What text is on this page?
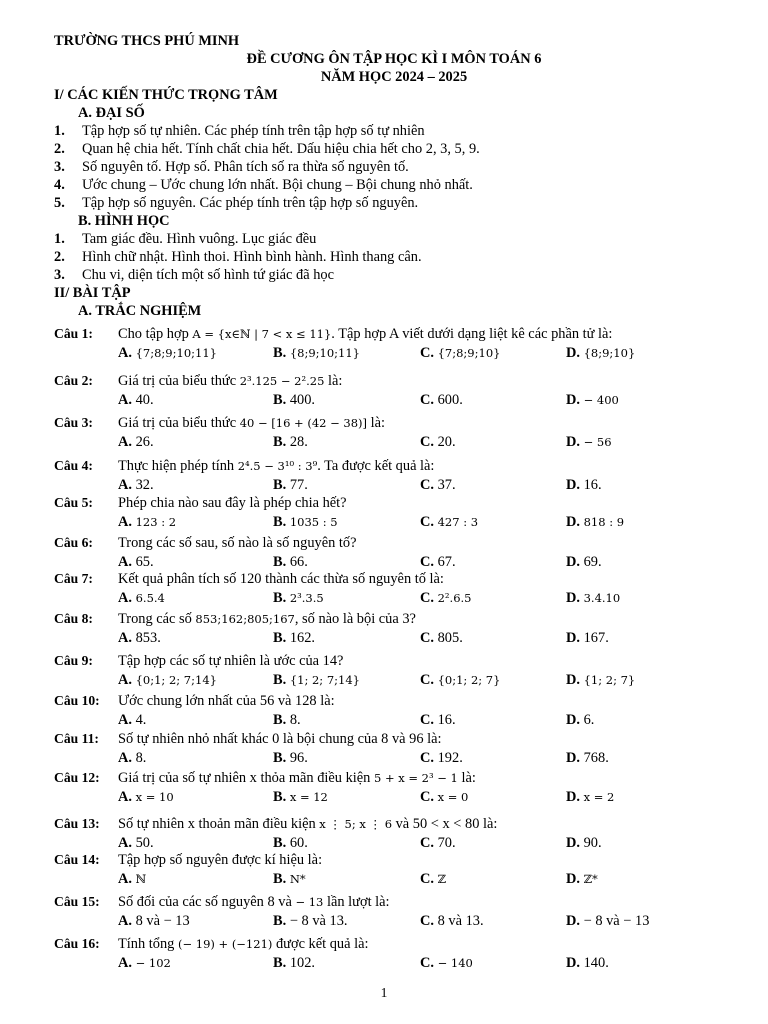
TRƯỜNG THCS PHÚ MINH
ĐỀ CƯƠNG ÔN TẬP HỌC KÌ I MÔN TOÁN 6
NĂM HỌC 2024 – 2025
I/ CÁC KIẾN THỨC TRỌNG TÂM
A. ĐẠI SỐ
1. Tập hợp số tự nhiên. Các phép tính trên tập hợp số tự nhiên
2. Quan hệ chia hết. Tính chất chia hết. Dấu hiệu chia hết cho 2, 3, 5, 9.
3. Số nguyên tố. Hợp số. Phân tích số ra thừa số nguyên tố.
4. Ước chung – Ước chung lớn nhất. Bội chung – Bội chung nhỏ nhất.
5. Tập hợp số nguyên. Các phép tính trên tập hợp số nguyên.
B. HÌNH HỌC
1. Tam giác đều. Hình vuông. Lục giác đều
2. Hình chữ nhật. Hình thoi. Hình bình hành. Hình thang cân.
3. Chu vi, diện tích một số hình tứ giác đã học
II/ BÀI TẬP
A. TRẮC NGHIỆM
Câu 1: Cho tập hợp A = {x∈ℕ | 7 < x ≤ 11}. Tập hợp A viết dưới dạng liệt kê các phần tử là:
A. {7;8;9;10;11}	B. {8;9;10;11}	C. {7;8;9;10}	D. {8;9;10}
Câu 2: Giá trị của biểu thức 2³.125 − 2².25 là:
A. 40.	B. 400.	C. 600.	D. − 400
Câu 3: Giá trị của biểu thức 40 − [16 + (42 − 38)] là:
A. 26.	B. 28.	C. 20.	D. − 56
Câu 4: Thực hiện phép tính 2⁴.5 − 3¹⁰ : 3⁹. Ta được kết quả là:
A. 32.	B. 77.	C. 37.	D. 16.
Câu 5: Phép chia nào sau đây là phép chia hết?
A. 123 : 2	B. 1035 : 5	C. 427 : 3	D. 818 : 9
Câu 6: Trong các số sau, số nào là số nguyên tố?
A. 65.	B. 66.	C. 67.	D. 69.
Câu 7: Kết quả phân tích số 120 thành các thừa số nguyên tố là:
A. 6.5.4	B. 2³.3.5	C. 2².6.5	D. 3.4.10
Câu 8: Trong các số 853;162;805;167, số nào là bội của 3?
A. 853.	B. 162.	C. 805.	D. 167.
Câu 9: Tập hợp các số tự nhiên là ước của 14?
A. {0;1; 2; 7;14}	B. {1; 2; 7;14}	C. {0;1; 2; 7}	D. {1; 2; 7}
Câu 10: Ước chung lớn nhất của 56 và 128 là:
A. 4.	B. 8.	C. 16.	D. 6.
Câu 11: Số tự nhiên nhỏ nhất khác 0 là bội chung của 8 và 96 là:
A. 8.	B. 96.	C. 192.	D. 768.
Câu 12: Giá trị của số tự nhiên x thỏa mãn điều kiện 5 + x = 2³ − 1 là:
A. x = 10	B. x = 12	C. x = 0	D. x = 2
Câu 13: Số tự nhiên x thoản mãn điều kiện x ⋮ 5; x ⋮ 6 và 50 < x < 80 là:
A. 50.	B. 60.	C. 70.	D. 90.
Câu 14: Tập hợp số nguyên được kí hiệu là:
A. ℕ	B. N*	C. ℤ	D. ℤ*
Câu 15: Số đối của các số nguyên 8 và − 13 lần lượt là:
A. 8 và − 13	B. − 8 và 13.	C. 8 và 13.	D. − 8 và − 13
Câu 16: Tính tổng (− 19) + (−121) được kết quả là:
A. − 102	B. 102.	C. − 140	D. 140.
1
